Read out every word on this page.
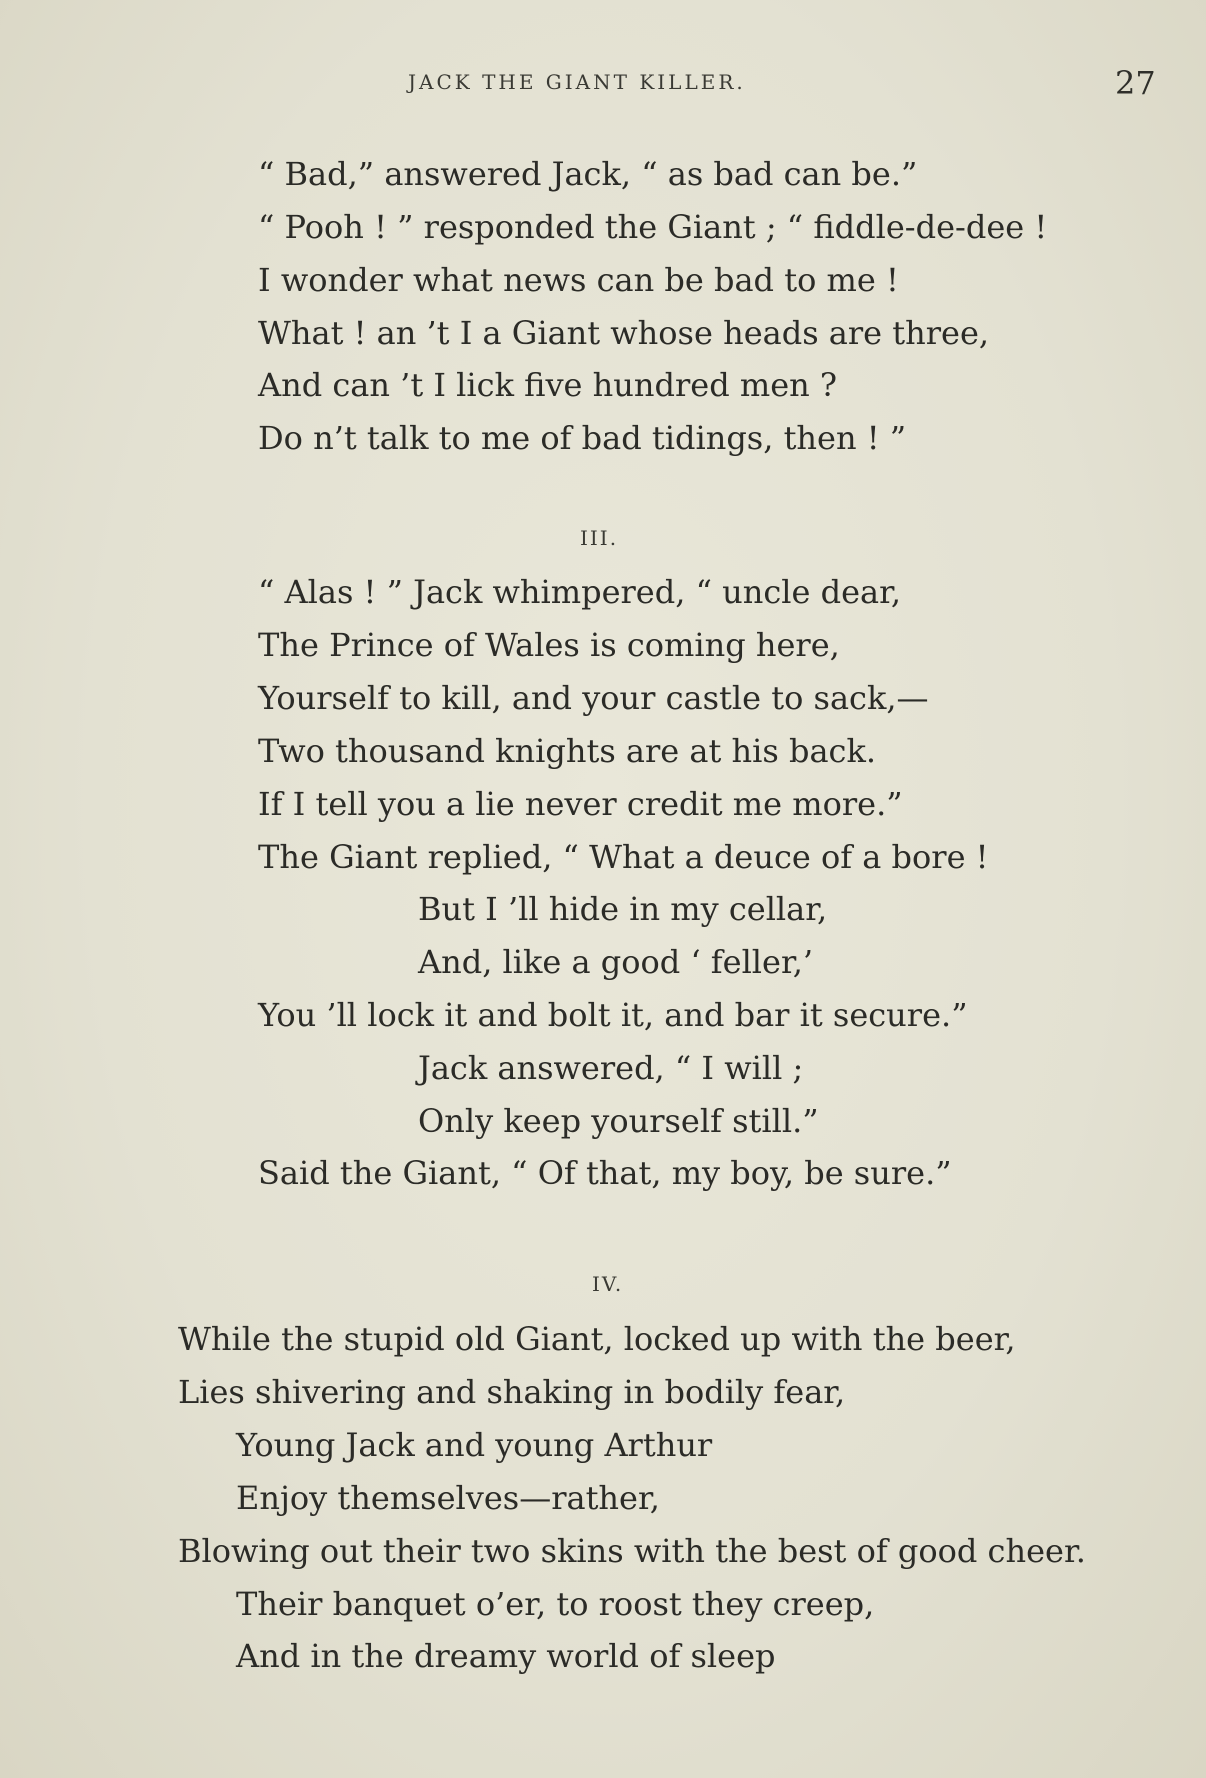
JACK THE GIANT KILLER.	27
“ Bad,” answered Jack, “ as bad can be.”
“ Pooh ! ” responded the Giant ; “ fiddle-de-dee !
I wonder what news can be bad to me !
What ! an ’t I a Giant whose heads are three,
And can ’t I lick five hundred men ?
Do n’t talk to me of bad tidings, then ! ”
III.
“ Alas ! ” Jack whimpered, “ uncle dear,
The Prince of Wales is coming here,
Yourself to kill, and your castle to sack,—
Two thousand knights are at his back.
If I tell you a lie never credit me more.”
The Giant replied, “ What a deuce of a bore !
But I ’ll hide in my cellar,
And, like a good ‘ feller,’
You ’ll lock it and bolt it, and bar it secure.”
Jack answered, “ I will ;
Only keep yourself still.”
Said the Giant, “ Of that, my boy, be sure.”
IV.
While the stupid old Giant, locked up with the beer,
Lies shivering and shaking in bodily fear,
Young Jack and young Arthur
Enjoy themselves—rather,
Blowing out their two skins with the best of good cheer.
Their banquet o’er, to roost they creep,
And in the dreamy world of sleep
